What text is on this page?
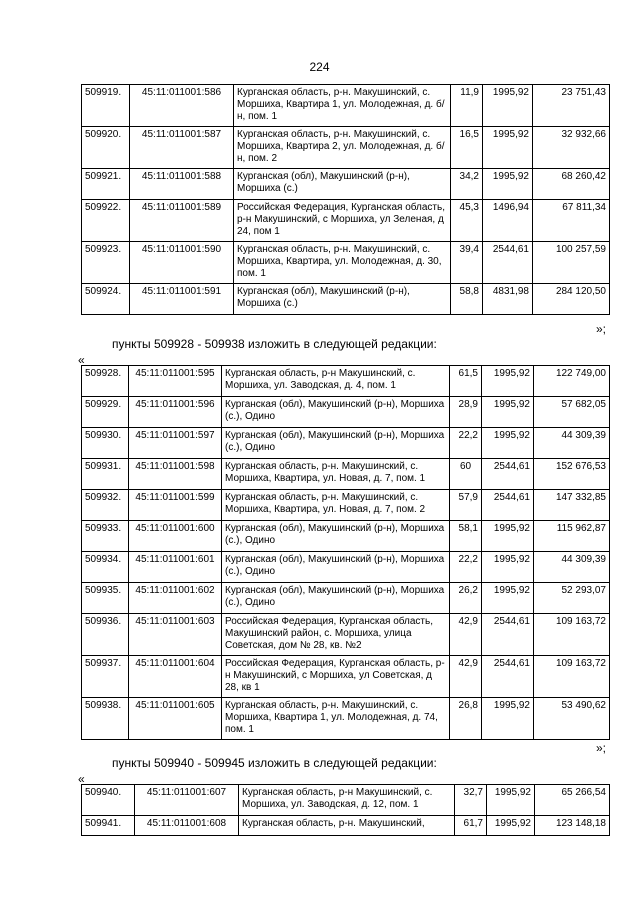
224
509919.	45:11:011001:586	Курганская область, р-н. Макушинский, с. Моршиха, Квартира 1, ул. Молодежная, д. б/н, пом. 1	11,9	1995,92	23 751,43
509920.	45:11:011001:587	Курганская область, р-н. Макушинский, с. Моршиха, Квартира 2, ул. Молодежная, д. б/н, пом. 2	16,5	1995,92	32 932,66
509921.	45:11:011001:588	Курганская (обл), Макушинский (р-н), Моршиха (с.)	34,2	1995,92	68 260,42
509922.	45:11:011001:589	Российская Федерация, Курганская область, р-н Макушинский, с Моршиха, ул Зеленая, д 24, пом 1	45,3	1496,94	67 811,34
509923.	45:11:011001:590	Курганская область, р-н. Макушинский, с. Моршиха, Квартира, ул. Молодежная, д. 30, пом. 1	39,4	2544,61	100 257,59
509924.	45:11:011001:591	Курганская (обл), Макушинский (р-н), Моршиха (с.)	58,8	4831,98	284 120,50
»;
пункты 509928 - 509938 изложить в следующей редакции:
«
509928.	45:11:011001:595	Курганская область, р-н Макушинский, с. Моршиха, ул. Заводская, д. 4, пом. 1	61,5	1995,92	122 749,00
509929.	45:11:011001:596	Курганская (обл), Макушинский (р-н), Моршиха (с.), Одино	28,9	1995,92	57 682,05
509930.	45:11:011001:597	Курганская (обл), Макушинский (р-н), Моршиха (с.), Одино	22,2	1995,92	44 309,39
509931.	45:11:011001:598	Курганская область, р-н. Макушинский, с. Моршиха, Квартира, ул. Новая, д. 7, пом. 1	60	2544,61	152 676,53
509932.	45:11:011001:599	Курганская область, р-н. Макушинский, с. Моршиха, Квартира, ул. Новая, д. 7, пом. 2	57,9	2544,61	147 332,85
509933.	45:11:011001:600	Курганская (обл), Макушинский (р-н), Моршиха (с.), Одино	58,1	1995,92	115 962,87
509934.	45:11:011001:601	Курганская (обл), Макушинский (р-н), Моршиха (с.), Одино	22,2	1995,92	44 309,39
509935.	45:11:011001:602	Курганская (обл), Макушинский (р-н), Моршиха (с.), Одино	26,2	1995,92	52 293,07
509936.	45:11:011001:603	Российская Федерация, Курганская область, Макушинский район, с. Моршиха, улица Советская, дом № 28, кв. №2	42,9	2544,61	109 163,72
509937.	45:11:011001:604	Российская Федерация, Курганская область, р-н Макушинский, с Моршиха, ул Советская, д 28, кв 1	42,9	2544,61	109 163,72
509938.	45:11:011001:605	Курганская область, р-н. Макушинский, с. Моршиха, Квартира 1, ул. Молодежная, д. 74, пом. 1	26,8	1995,92	53 490,62
»;
пункты 509940 - 509945 изложить в следующей редакции:
«
509940.	45:11:011001:607	Курганская область, р-н Макушинский, с. Моршиха, ул. Заводская, д. 12, пом. 1	32,7	1995,92	65 266,54
509941.	45:11:011001:608	Курганская область, р-н. Макушинский,	61,7	1995,92	123 148,18
